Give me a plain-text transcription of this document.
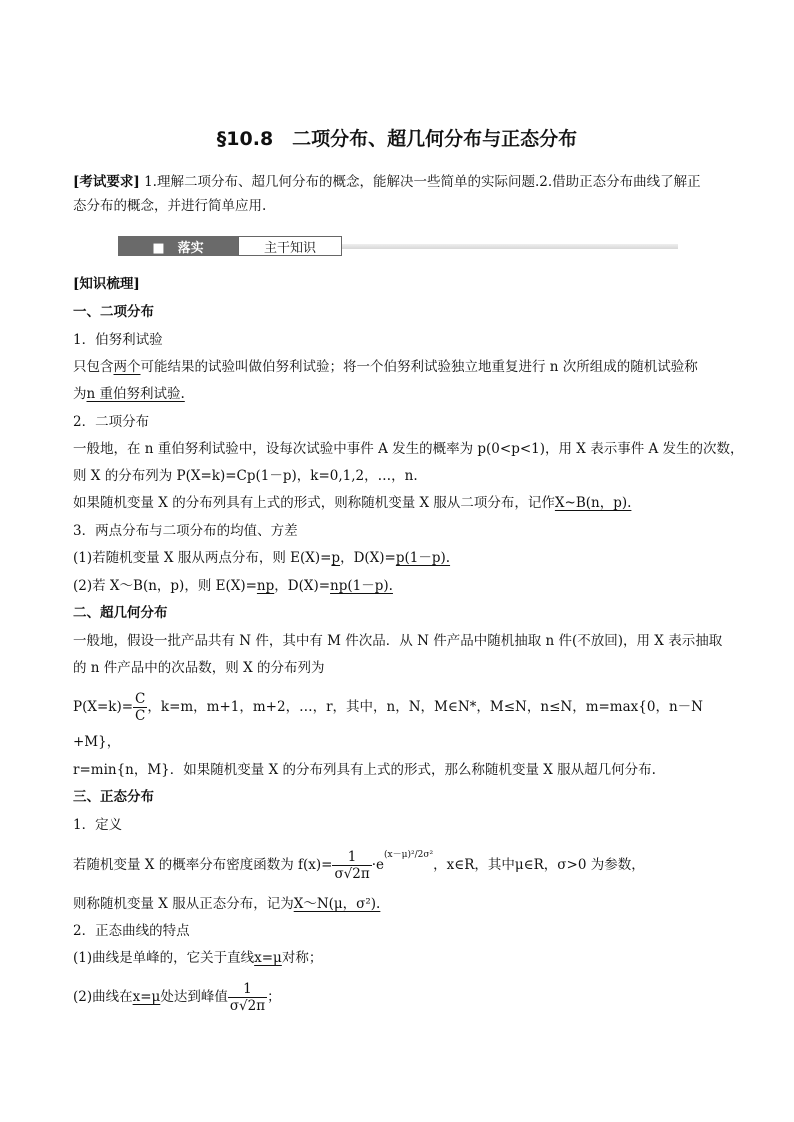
§10.8　二项分布、超几何分布与正态分布
[考试要求] 1.理解二项分布、超几何分布的概念，能解决一些简单的实际问题.2.借助正态分布曲线了解正
态分布的概念，并进行简单应用.
■　落实	主干知识
[知识梳理]
一、二项分布
1．伯努利试验
只包含两个可能结果的试验叫做伯努利试验；将一个伯努利试验独立地重复进行 n 次所组成的随机试验称
为n 重伯努利试验.
2．二项分布
一般地，在 n 重伯努利试验中，设每次试验中事件 A 发生的概率为 p(0<p<1)，用 X 表示事件 A 发生的次数，
则 X 的分布列为 P(X=k)=Cp(1－p)，k=0,1,2，…，n.
如果随机变量 X 的分布列具有上式的形式，则称随机变量 X 服从二项分布，记作X~B(n，p).
3．两点分布与二项分布的均值、方差
(1)若随机变量 X 服从两点分布，则 E(X)=p，D(X)=p(1－p).
(2)若 X～B(n，p)，则 E(X)=np，D(X)=np(1－p).
二、超几何分布
一般地，假设一批产品共有 N 件，其中有 M 件次品．从 N 件产品中随机抽取 n 件(不放回)，用 X 表示抽取
的 n 件产品中的次品数，则 X 的分布列为
$P(X=k)= \frac{C}{C}$ ，k=m，m+1，m+2，…，r，其中，n，N，M∈N*，M≤N，n≤N，m=max{0，n－N
+M}，
r=min{n，M}．如果随机变量 X 的分布列具有上式的形式，那么称随机变量 X 服从超几何分布.
三、正态分布
1．定义
若随机变量 X 的概率分布密度函数为 $f(x)= \frac{1}{\sigma√2\pi} \cdot e^{(x-\mu)^2/2\sigma^2}$，x∈R，其中μ∈R，σ>0 为参数，
则称随机变量 X 服从正态分布，记为X～N(μ，σ²).
2．正态曲线的特点
(1)曲线是单峰的，它关于直线x=μ对称；
(2)曲线在x=μ处达到峰值 $\frac{1}{\sigma√2\pi}$ ；
